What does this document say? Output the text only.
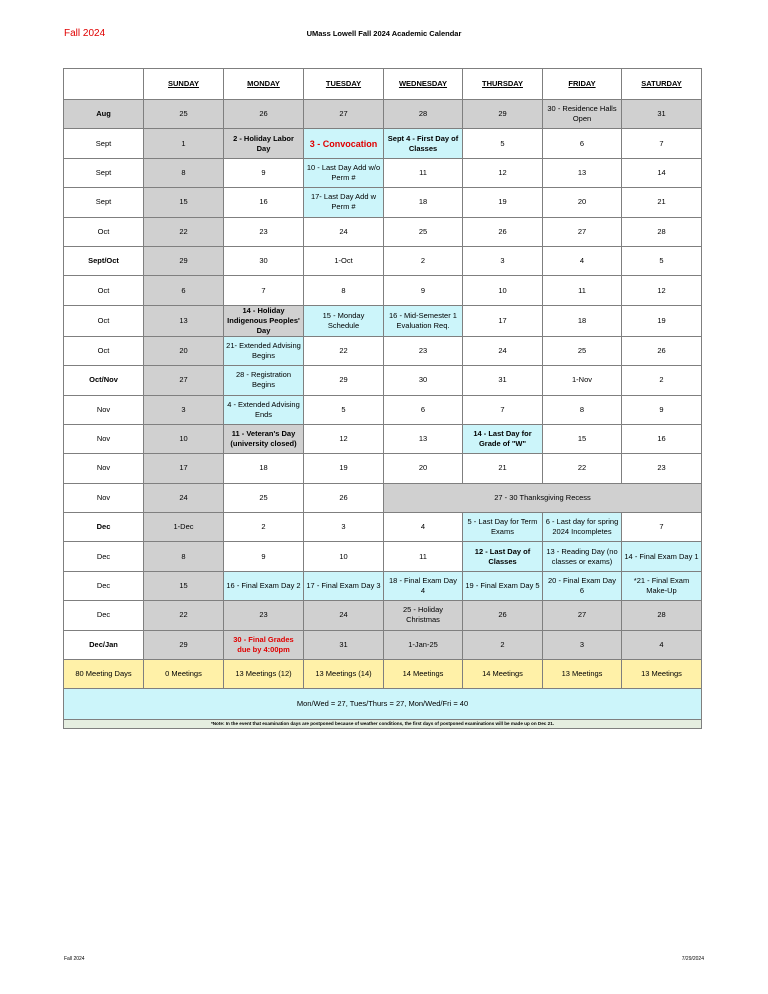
Fall 2024	UMass Lowell Fall 2024 Academic Calendar
	SUNDAY	MONDAY	TUESDAY	WEDNESDAY	THURSDAY	FRIDAY	SATURDAY
Aug	25	26	27	28	29	30 - Residence Halls Open	31
Sept	1	2 - Holiday Labor Day	3 - Convocation	Sept 4 - First Day of Classes	5	6	7
Sept	8	9	10 - Last Day Add w/o Perm #	11	12	13	14
Sept	15	16	17- Last Day Add w Perm #	18	19	20	21
Oct	22	23	24	25	26	27	28
Sept/Oct	29	30	1-Oct	2	3	4	5
Oct	6	7	8	9	10	11	12
Oct	13	14 - Holiday Indigenous Peoples' Day	15 - Monday Schedule	16 - Mid-Semester 1 Evaluation Req.	17	18	19
Oct	20	21- Extended Advising Begins	22	23	24	25	26
Oct/Nov	27	28 - Registration Begins	29	30	31	1-Nov	2
Nov	3	4 - Extended Advising Ends	5	6	7	8	9
Nov	10	11 - Veteran's Day (university closed)	12	13	14 - Last Day for Grade of "W"	15	16
Nov	17	18	19	20	21	22	23
Nov	24	25	26	27 - 30 Thanksgiving Recess			
Dec	1-Dec	2	3	4	5 - Last Day for Term Exams	6 - Last day for spring 2024 Incompletes	7
Dec	8	9	10	11	12 - Last Day of Classes	13 - Reading Day (no classes or exams)	14 - Final Exam Day 1
Dec	15	16 - Final Exam Day 2	17 - Final Exam Day 3	18 - Final Exam Day 4	19 - Final Exam Day 5	20 - Final Exam Day 6	*21 - Final Exam Make-Up
Dec	22	23	24	25 - Holiday Christmas	26	27	28
Dec/Jan	29	30 - Final Grades due by 4:00pm	31	1-Jan-25	2	3	4
80 Meeting Days	0 Meetings	13 Meetings (12)	13 Meetings (14)	14 Meetings	14 Meetings	13 Meetings	13 Meetings
Mon/Wed = 27, Tues/Thurs = 27, Mon/Wed/Fri = 40							
*Note: In the event that examination days are postponed because of weather conditions, the first days of postponed examinations will be made up on Dec 21.							
Fall 2024	7/29/2024
